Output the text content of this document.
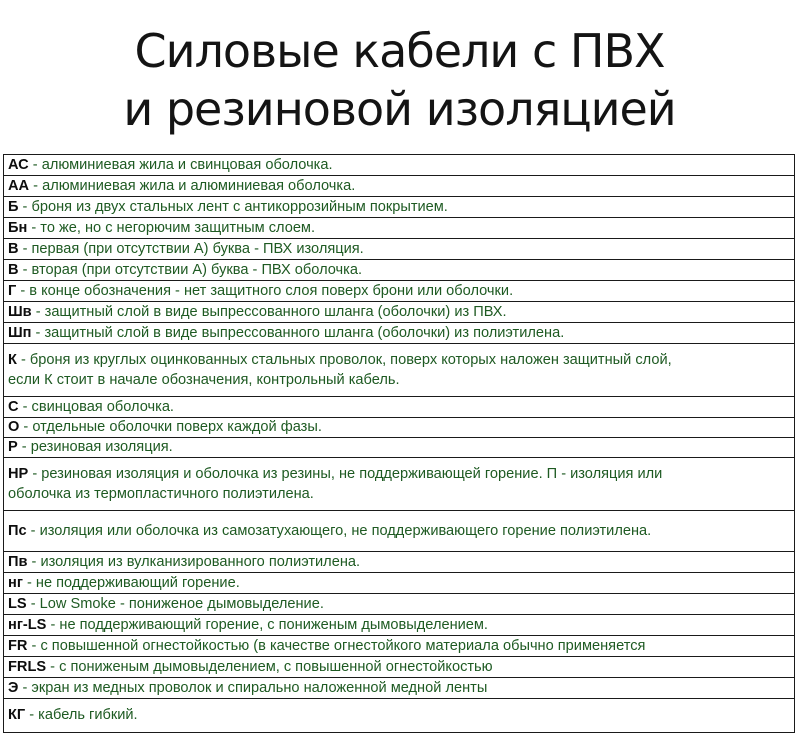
Силовые кабели с ПВХ
и резиновой изоляцией
АС - алюминиевая жила и свинцовая оболочка.
АА - алюминиевая жила и алюминиевая оболочка.
Б - броня из двух стальных лент с антикоррозийным покрытием.
Бн - то же, но с негорючим защитным слоем.
В - первая (при отсутствии А) буква - ПВХ изоляция.
В - вторая (при отсутствии А) буква - ПВХ оболочка.
Г - в конце обозначения - нет защитного слоя поверх брони или оболочки.
Шв - защитный слой в виде выпрессованного шланга (оболочки) из ПВХ.
Шп - защитный слой в виде выпрессованного шланга (оболочки) из полиэтилена.
К - броня из круглых оцинкованных стальных проволок, поверх которых наложен защитный слой,
если К стоит в начале обозначения, контрольный кабель.
С - свинцовая оболочка.
О - отдельные оболочки поверх каждой фазы.
Р - резиновая изоляция.
НР - резиновая изоляция и оболочка из резины, не поддерживающей горение. П - изоляция или
оболочка из термопластичного полиэтилена.
Пс - изоляция или оболочка из самозатухающего, не поддерживающего горение полиэтилена.
Пв - изоляция из вулканизированного полиэтилена.
нг - не поддерживающий горение.
LS - Low Smoke - пониженое дымовыделение.
нг-LS - не поддерживающий горение, с пониженым дымовыделением.
FR - с повышенной огнестойкостью (в качестве огнестойкого материала обычно применяется
FRLS - с пониженым дымовыделением, с повышенной огнестойкостью
Э - экран из медных проволок и спирально наложенной медной ленты
КГ - кабель гибкий.
